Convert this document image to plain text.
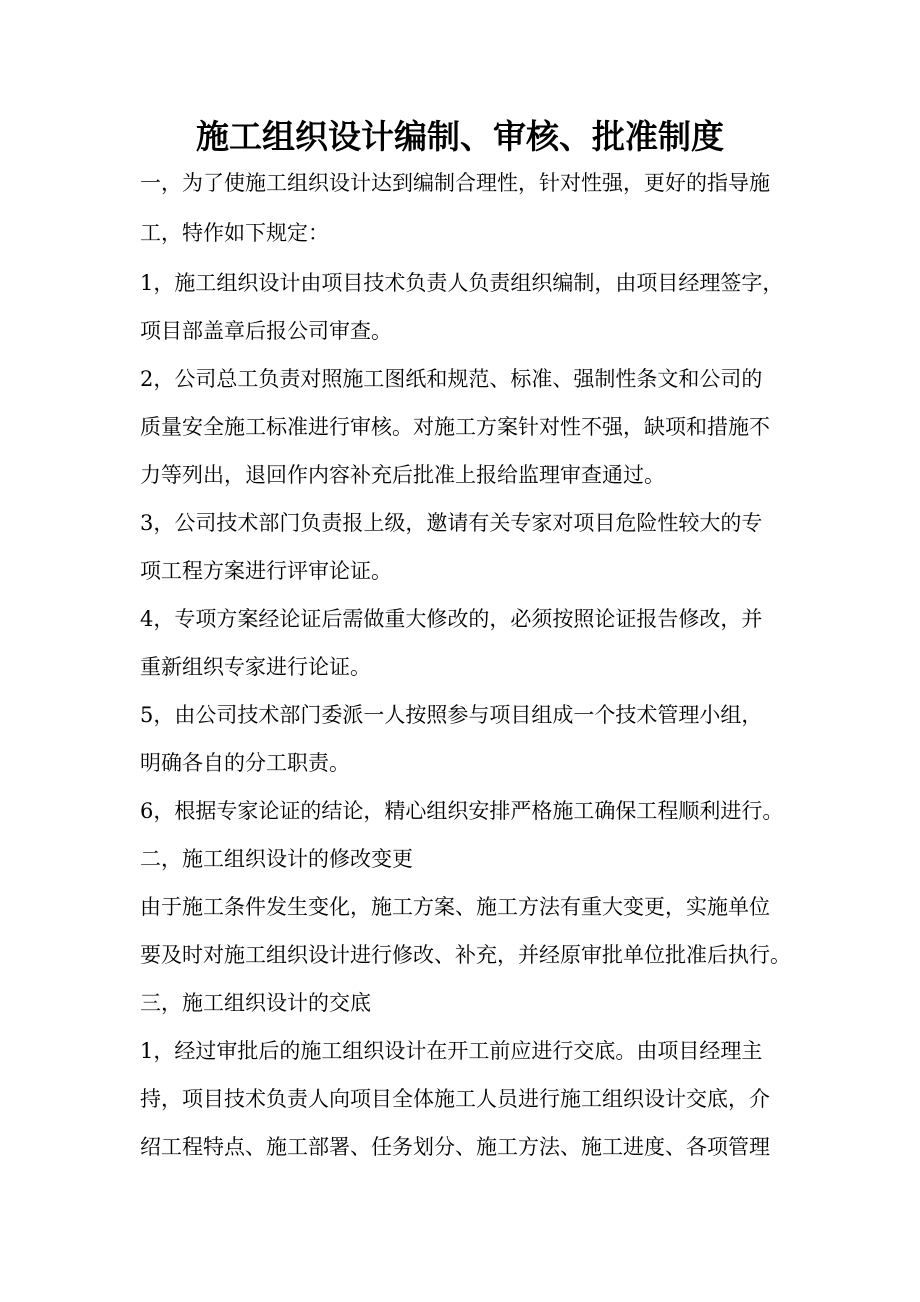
施工组织设计编制、审核、批准制度
一，为了使施工组织设计达到编制合理性，针对性强，更好的指导施
工，特作如下规定：
1，施工组织设计由项目技术负责人负责组织编制，由项目经理签字，
项目部盖章后报公司审查。
2，公司总工负责对照施工图纸和规范、标准、强制性条文和公司的
质量安全施工标准进行审核。对施工方案针对性不强，缺项和措施不
力等列出，退回作内容补充后批准上报给监理审查通过。
3，公司技术部门负责报上级，邀请有关专家对项目危险性较大的专
项工程方案进行评审论证。
4，专项方案经论证后需做重大修改的，必须按照论证报告修改，并
重新组织专家进行论证。
5，由公司技术部门委派一人按照参与项目组成一个技术管理小组，
明确各自的分工职责。
6，根据专家论证的结论，精心组织安排严格施工确保工程顺利进行。
二，施工组织设计的修改变更
由于施工条件发生变化，施工方案、施工方法有重大变更，实施单位
要及时对施工组织设计进行修改、补充，并经原审批单位批准后执行。
三，施工组织设计的交底
1，经过审批后的施工组织设计在开工前应进行交底。由项目经理主
持，项目技术负责人向项目全体施工人员进行施工组织设计交底，介
绍工程特点、施工部署、任务划分、施工方法、施工进度、各项管理
